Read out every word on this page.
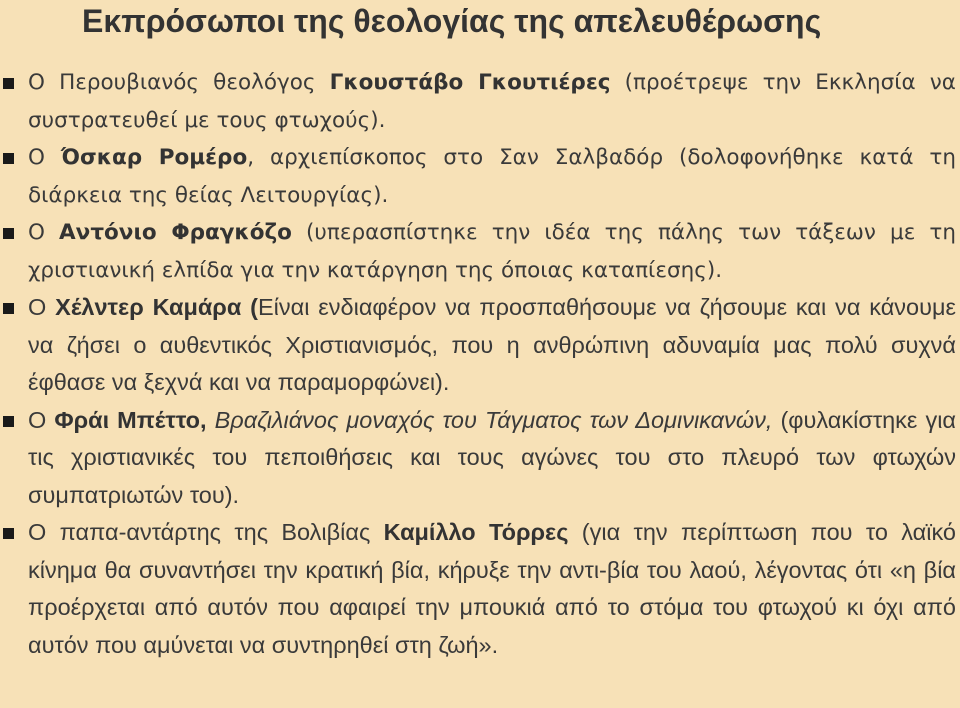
Εκπρόσωποι της θεολογίας της απελευθέρωσης
Ο Περουβιανός θεολόγος Γκουστάβο Γκουτιέρες (προέτρεψε την Εκκλησία να συστρατευθεί με τους φτωχούς).
Ο Όσκαρ Ρομέρο, αρχιεπίσκοπος στο Σαν Σαλβαδόρ (δολοφονήθηκε κατά τη διάρκεια της θείας Λειτουργίας).
Ο Αντόνιο Φραγκόζο (υπερασπίστηκε την ιδέα της πάλης των τάξεων με τη χριστιανική ελπίδα για την κατάργηση της όποιας καταπίεσης).
Ο Χέλντερ Καμάρα (Είναι ενδιαφέρον να προσπαθήσουμε να ζήσουμε και να κάνουμε να ζήσει ο αυθεντικός Χριστιανισμός, που η ανθρώπινη αδυναμία μας πολύ συχνά έφθασε να ξεχνά και να παραμορφώνει).
Ο Φράι Μπέττο, Βραζιλιάνος μοναχός του Τάγματος των Δομινικανών, (φυλακίστηκε για τις χριστιανικές του πεποιθήσεις και τους αγώνες του στο πλευρό των φτωχών συμπατριωτών του).
Ο παπα-αντάρτης της Βολιβίας Καμίλλο Τόρρες (για την περίπτωση που το λαϊκό κίνημα θα συναντήσει την κρατική βία, κήρυξε την αντι-βία του λαού, λέγοντας ότι «η βία προέρχεται από αυτόν που αφαιρεί την μπουκιά από το στόμα του φτωχού κι όχι από αυτόν που αμύνεται να συντηρηθεί στη ζωή».
